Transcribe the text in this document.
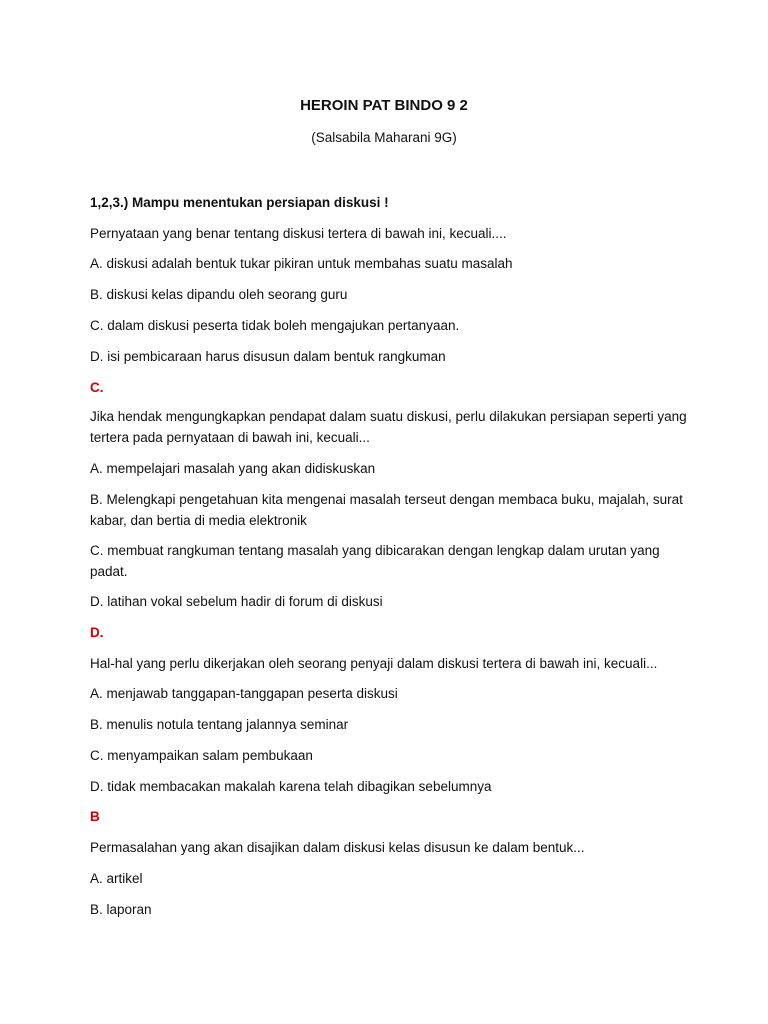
HEROIN PAT BINDO 9 2
(Salsabila Maharani 9G)
1,2,3.) Mampu menentukan persiapan diskusi !
Pernyataan yang benar tentang diskusi tertera di bawah ini, kecuali....
A. diskusi adalah bentuk tukar pikiran untuk membahas suatu masalah
B. diskusi kelas dipandu oleh seorang guru
C. dalam diskusi peserta tidak boleh mengajukan pertanyaan.
D. isi pembicaraan harus disusun dalam bentuk rangkuman
C.
Jika hendak mengungkapkan pendapat dalam suatu diskusi, perlu dilakukan persiapan seperti yang tertera pada pernyataan di bawah ini, kecuali...
A. mempelajari masalah yang akan didiskuskan
B. Melengkapi pengetahuan kita mengenai masalah terseut dengan membaca buku, majalah, surat kabar, dan bertia di media elektronik
C. membuat rangkuman tentang masalah yang dibicarakan dengan lengkap dalam urutan yang padat.
D. latihan vokal sebelum hadir di forum di diskusi
D.
Hal-hal yang perlu dikerjakan oleh seorang penyaji dalam diskusi tertera di bawah ini, kecuali...
A. menjawab tanggapan-tanggapan peserta diskusi
B. menulis notula tentang jalannya seminar
C. menyampaikan salam pembukaan
D. tidak membacakan makalah karena telah dibagikan sebelumnya
B
Permasalahan yang akan disajikan dalam diskusi kelas disusun ke dalam bentuk...
A. artikel
B. laporan
